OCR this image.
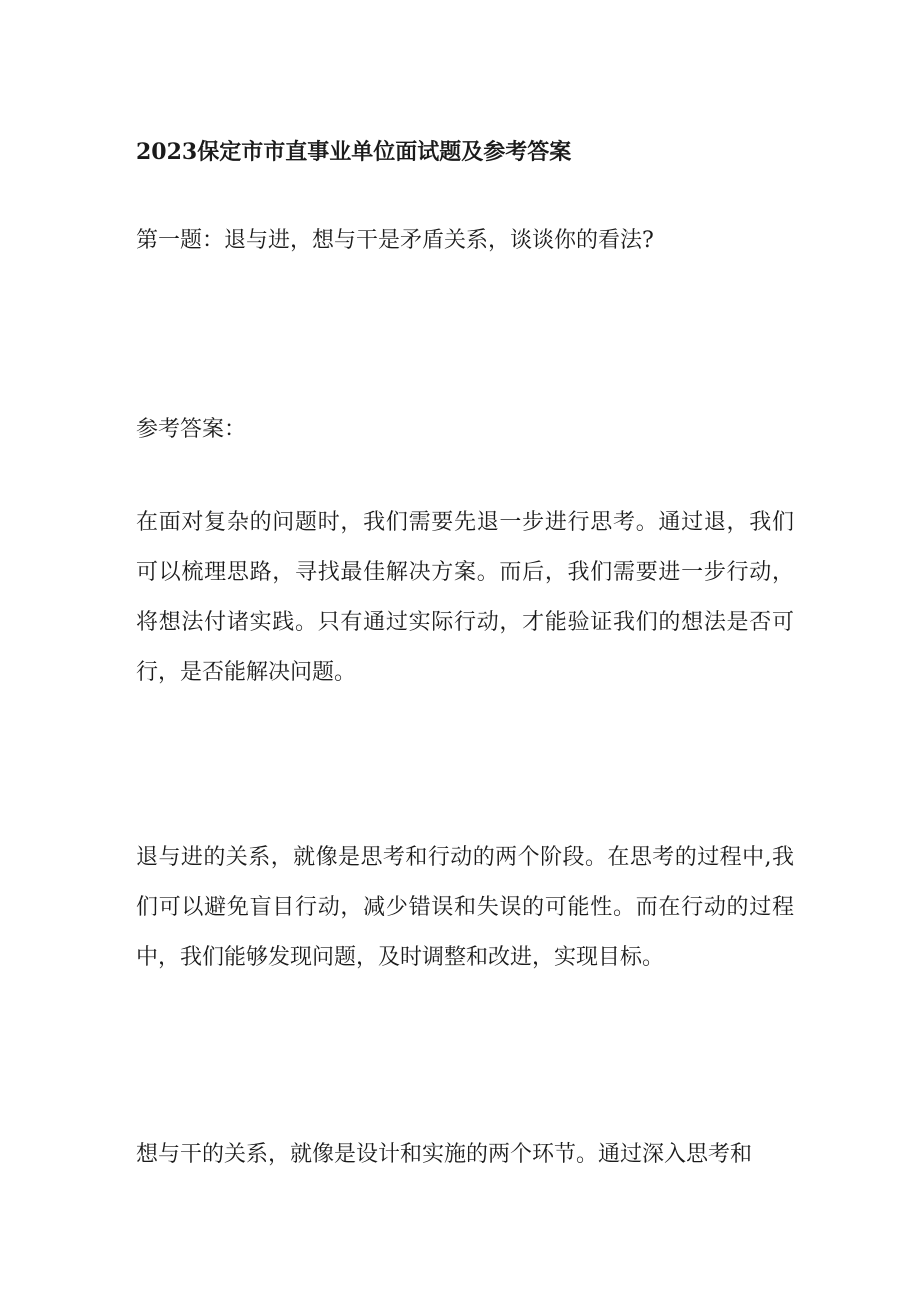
2023保定市市直事业单位面试题及参考答案

第一题：退与进，想与干是矛盾关系，谈谈你的看法?

参考答案：

在面对复杂的问题时，我们需要先退一步进行思考。通过退，我们可以梳理思路，寻找最佳解决方案。而后，我们需要进一步行动，将想法付诸实践。只有通过实际行动，才能验证我们的想法是否可行，是否能解决问题。

退与进的关系，就像是思考和行动的两个阶段。在思考的过程中,我们可以避免盲目行动，减少错误和失误的可能性。而在行动的过程中，我们能够发现问题，及时调整和改进，实现目标。

想与干的关系，就像是设计和实施的两个环节。通过深入思考和
